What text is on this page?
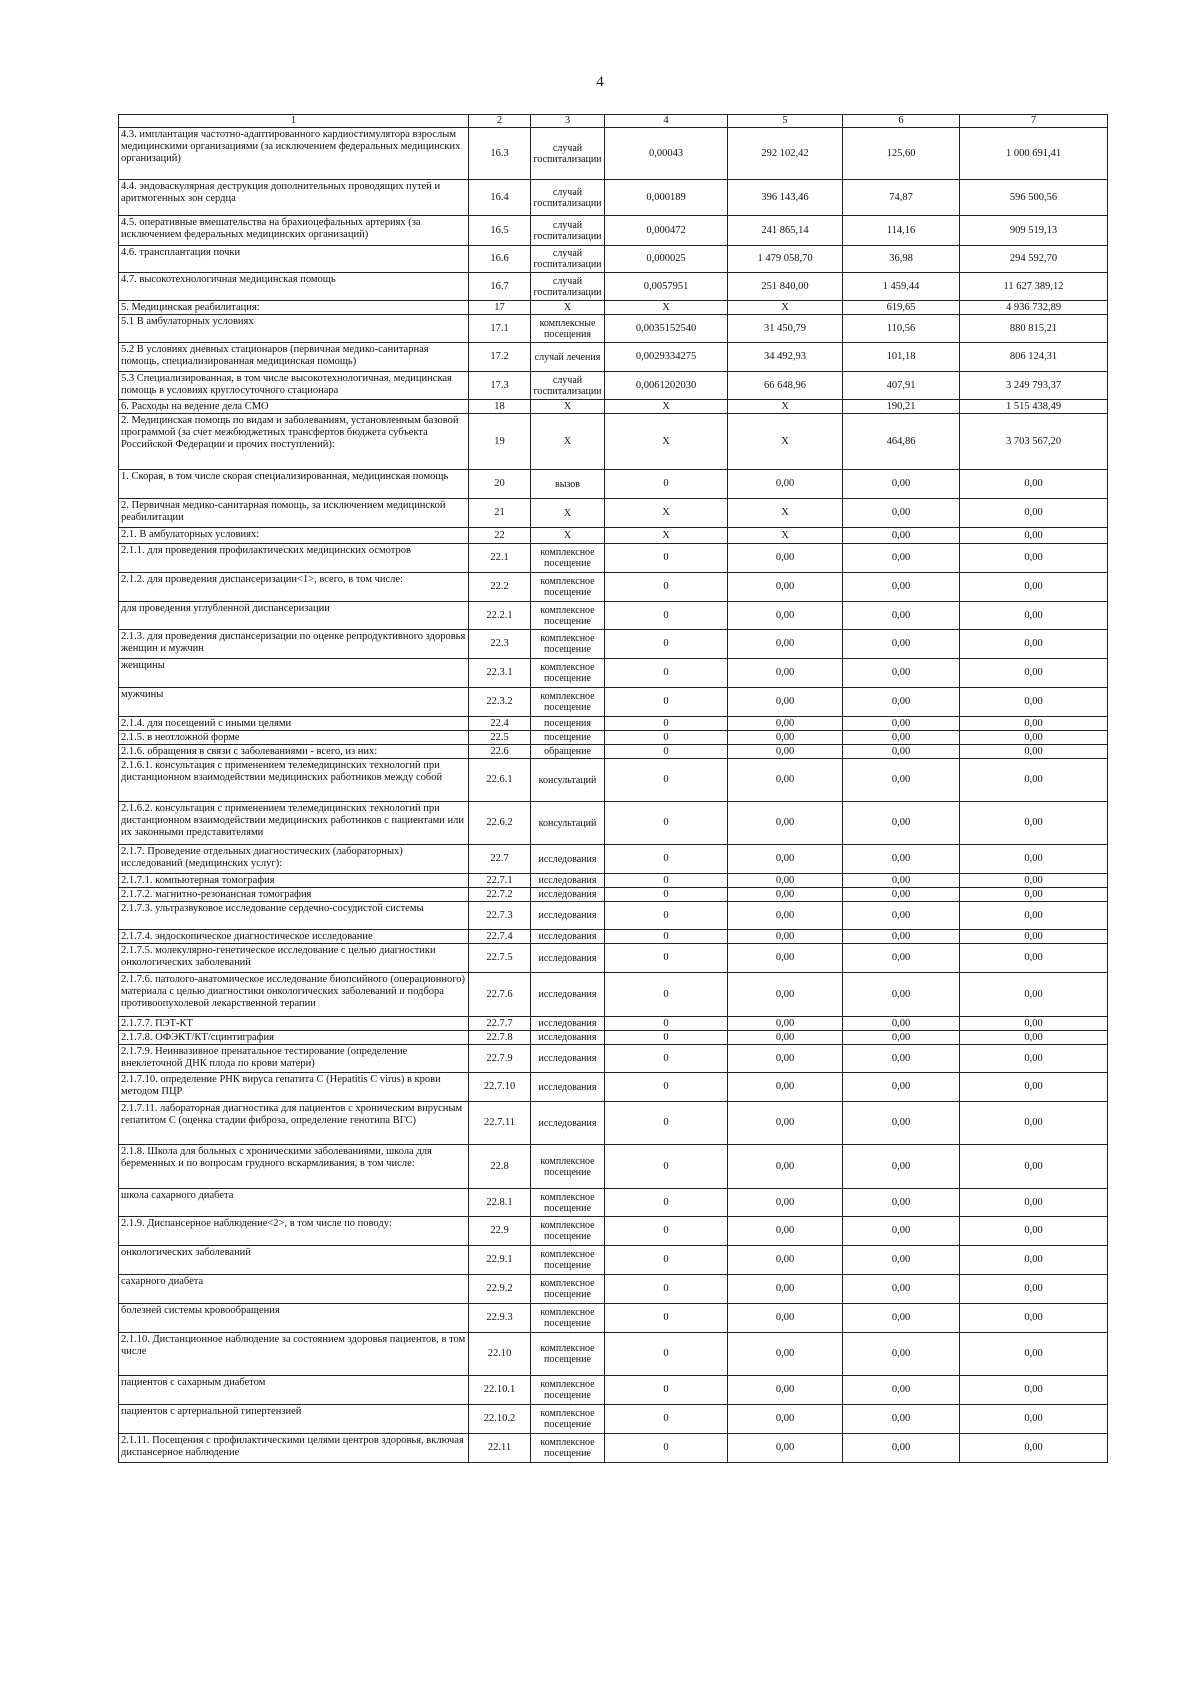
4
1	2	3	4	5	6	7
4.3. имплантация частотно-адаптированного кардиостимулятора взрослым медицинскими организациями (за исключением федеральных медицинских организаций)	16.3	случай госпитализации	0,00043	292 102,42	125,60	1 000 691,41
4.4. эндоваскулярная деструкция дополнительных проводящих путей и аритмогенных зон сердца	16.4	случай госпитализации	0,000189	396 143,46	74,87	596 500,56
4.5. оперативные вмешательства на брахиоцефальных артериях (за исключением федеральных медицинских организаций)	16.5	случай госпитализации	0,000472	241 865,14	114,16	909 519,13
4.6. трансплантация почки	16.6	случай госпитализации	0,000025	1 479 058,70	36,98	294 592,70
4.7. высокотехнологичная медицинская помощь	16.7	случай госпитализации	0,0057951	251 840,00	1 459,44	11 627 389,12
5. Медицинская реабилитация:	17	X	X	X	619,65	4 936 732,89
5.1 В амбулаторных условиях	17.1	комплексные посещения	0,0035152540	31 450,79	110,56	880 815,21
5.2 В условиях дневных стационаров (первичная медико-санитарная помощь, специализированная медицинская помощь)	17.2	случай лечения	0,0029334275	34 492,93	101,18	806 124,31
5.3 Специализированная, в том числе высокотехнологичная, медицинская помощь в условиях круглосуточного стационара	17.3	случай госпитализации	0,0061202030	66 648,96	407,91	3 249 793,37
6. Расходы на ведение дела СМО	18	X	X	X	190,21	1 515 438,49
2. Медицинская помощь по видам и заболеваниям, установленным базовой программой (за счет межбюджетных трансфертов бюджета субъекта Российской Федерации и прочих поступлений):	19	X	X	X	464,86	3 703 567,20
1. Скорая, в том числе скорая специализированная, медицинская помощь	20	вызов	0	0,00	0,00	0,00
2. Первичная медико-санитарная помощь, за исключением медицинской реабилитации	21	X	X	X	0,00	0,00
2.1. В амбулаторных условиях:	22	X	X	X	0,00	0,00
2.1.1. для проведения профилактических медицинских осмотров	22.1	комплексное посещение	0	0,00	0,00	0,00
2.1.2. для проведения диспансеризации<1>, всего, в том числе:	22.2	комплексное посещение	0	0,00	0,00	0,00
для проведения углубленной диспансеризации	22.2.1	комплексное посещение	0	0,00	0,00	0,00
2.1.3. для проведения диспансеризации по оценке репродуктивного здоровья женщин и мужчин	22.3	комплексное посещение	0	0,00	0,00	0,00
женщины	22.3.1	комплексное посещение	0	0,00	0,00	0,00
мужчины	22.3.2	комплексное посещение	0	0,00	0,00	0,00
2.1.4. для посещений с иными целями	22.4	посещения	0	0,00	0,00	0,00
2.1.5. в неотложной форме	22.5	посещение	0	0,00	0,00	0,00
2.1.6. обращения в связи с заболеваниями - всего, из них:	22.6	обращение	0	0,00	0,00	0,00
2.1.6.1. консультация с применением телемедицинских технологий при дистанционном взаимодействии медицинских работников между собой	22.6.1	консультаций	0	0,00	0,00	0,00
2.1.6.2. консультация с применением телемедицинских технологий при дистанционном взаимодействии медицинских работников с пациентами или их законными представителями	22.6.2	консультаций	0	0,00	0,00	0,00
2.1.7. Проведение отдельных диагностических (лабораторных) исследований (медицинских услуг):	22.7	исследования	0	0,00	0,00	0,00
2.1.7.1. компьютерная томография	22.7.1	исследования	0	0,00	0,00	0,00
2.1.7.2. магнитно-резонансная томография	22.7.2	исследования	0	0,00	0,00	0,00
2.1.7.3. ультразвуковое исследование сердечно-сосудистой системы	22.7.3	исследования	0	0,00	0,00	0,00
2.1.7.4. эндоскопическое диагностическое исследование	22.7.4	исследования	0	0,00	0,00	0,00
2.1.7.5. молекулярно-генетическое исследование с целью диагностики онкологических заболеваний	22.7.5	исследования	0	0,00	0,00	0,00
2.1.7.6. патолого-анатомическое исследование биопсийного (операционного) материала с целью диагностики онкологических заболеваний и подбора противоопухолевой лекарственной терапии	22.7.6	исследования	0	0,00	0,00	0,00
2.1.7.7. ПЭТ-КТ	22.7.7	исследования	0	0,00	0,00	0,00
2.1.7.8. ОФЭКТ/КТ/сцинтиграфия	22.7.8	исследования	0	0,00	0,00	0,00
2.1.7.9. Неинвазивное пренатальное тестирование (определение внеклеточной ДНК плода по крови матери)	22.7.9	исследования	0	0,00	0,00	0,00
2.1.7.10. определение РНК вируса гепатита С (Hepatitis C virus) в крови методом ПЦР	22.7.10	исследования	0	0,00	0,00	0,00
2.1.7.11. лабораторная диагностика для пациентов с хроническим вирусным гепатитом С (оценка стадии фиброза, определение генотипа ВГС)	22.7.11	исследования	0	0,00	0,00	0,00
2.1.8. Школа для больных с хроническими заболеваниями, школа для беременных и по вопросам грудного вскармливания, в том числе:	22.8	комплексное посещение	0	0,00	0,00	0,00
школа сахарного диабета	22.8.1	комплексное посещение	0	0,00	0,00	0,00
2.1.9. Диспансерное наблюдение<2>, в том числе по поводу:	22.9	комплексное посещение	0	0,00	0,00	0,00
онкологических заболеваний	22.9.1	комплексное посещение	0	0,00	0,00	0,00
сахарного диабета	22.9.2	комплексное посещение	0	0,00	0,00	0,00
болезней системы кровообращения	22.9.3	комплексное посещение	0	0,00	0,00	0,00
2.1.10. Дистанционное наблюдение за состоянием здоровья пациентов, в том числе	22.10	комплексное посещение	0	0,00	0,00	0,00
пациентов с сахарным диабетом	22.10.1	комплексное посещение	0	0,00	0,00	0,00
пациентов с артериальной гипертензией	22.10.2	комплексное посещение	0	0,00	0,00	0,00
2.1.11. Посещения с профилактическими целями центров здоровья, включая диспансерное наблюдение	22.11	комплексное посещение	0	0,00	0,00	0,00
